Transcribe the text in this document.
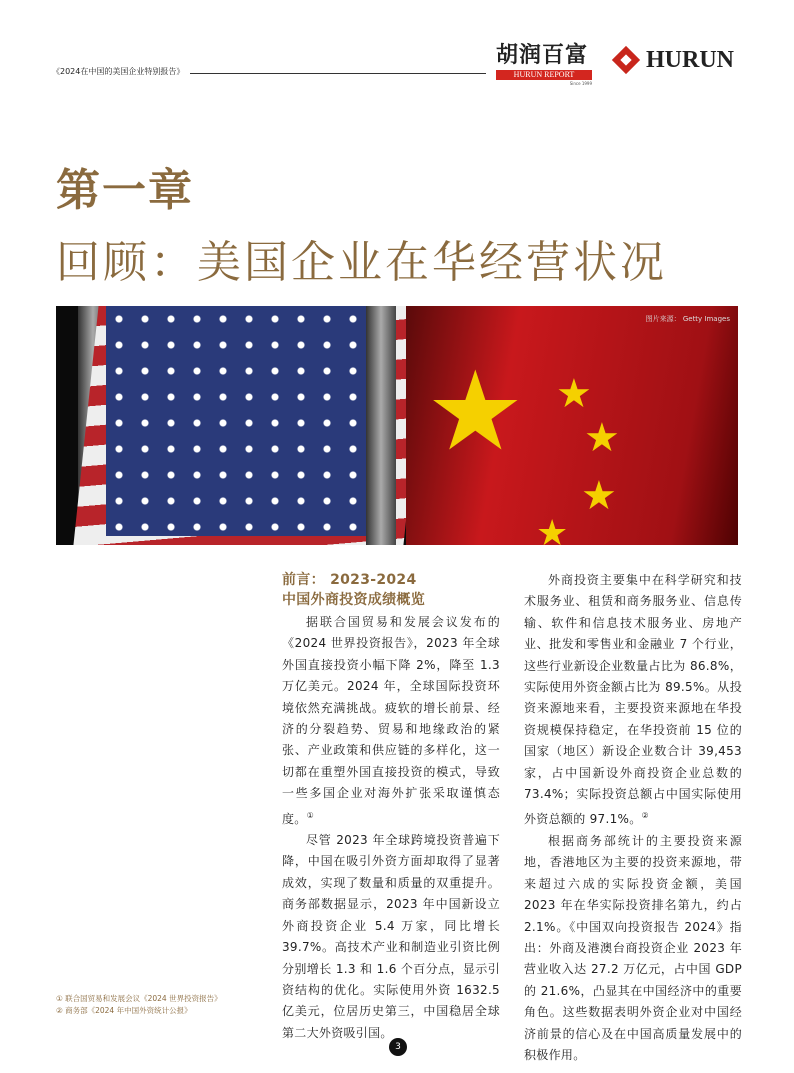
《2024在中国的美国企业特别报告》
胡润百富
HURUN REPORT
Since 1999
HURUN
第一章
回顾：美国企业在华经营状况
★ ★
★
★
★
图片来源： Getty Images
前言： 2023-2024
中国外商投资成绩概览

据联合国贸易和发展会议发布的《2024 世界投资报告》，2023 年全球外国直接投资小幅下降 2%，降至 1.3 万亿美元。2024 年，全球国际投资环境依然充满挑战。疲软的增长前景、经济的分裂趋势、贸易和地缘政治的紧张、产业政策和供应链的多样化，这一切都在重塑外国直接投资的模式，导致一些多国企业对海外扩张采取谨慎态度。①

尽管 2023 年全球跨境投资普遍下降，中国在吸引外资方面却取得了显著成效，实现了数量和质量的双重提升。商务部数据显示，2023 年中国新设立外商投资企业 5.4 万家，同比增长 39.7%。高技术产业和制造业引资比例分别增长 1.3 和 1.6 个百分点，显示引资结构的优化。实际使用外资 1632.5 亿美元，位居历史第三，中国稳居全球第二大外资吸引国。

外商投资主要集中在科学研究和技术服务业、租赁和商务服务业、信息传输、软件和信息技术服务业、房地产业、批发和零售业和金融业 7 个行业，这些行业新设企业数量占比为 86.8%，实际使用外资金额占比为 89.5%。从投资来源地来看，主要投资来源地在华投资规模保持稳定，在华投资前 15 位的国家（地区）新设企业数合计 39,453 家，占中国新设外商投资企业总数的 73.4%；实际投资总额占中国实际使用外资总额的 97.1%。②

根据商务部统计的主要投资来源地，香港地区为主要的投资来源地，带来超过六成的实际投资金额，美国 2023 年在华实际投资排名第九，约占 2.1%。《中国双向投资报告 2024》指出：外商及港澳台商投资企业 2023 年营业收入达 27.2 万亿元，占中国 GDP 的 21.6%，凸显其在中国经济中的重要角色。这些数据表明外资企业对中国经济前景的信心及在中国高质量发展中的积极作用。

① 联合国贸易和发展会议《2024 世界投资报告》
② 商务部《2024 年中国外资统计公报》
3
